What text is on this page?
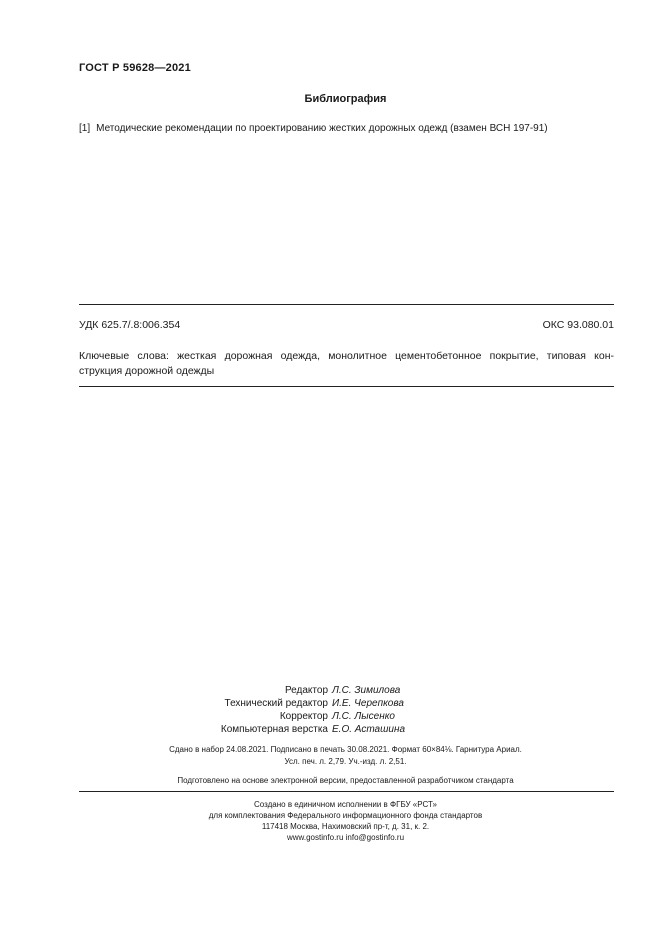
ГОСТ Р 59628—2021
Библиография
[1] Методические рекомендации по проектированию жестких дорожных одежд (взамен ВСН 197-91)
УДК 625.7/.8:006.354	ОКС 93.080.01
Ключевые слова: жесткая дорожная одежда, монолитное цементобетонное покрытие, типовая кон-
струкция дорожной одежды
Редактор Л.С. Зимилова
Технический редактор И.Е. Черепкова
Корректор Л.С. Лысенко
Компьютерная верстка Е.О. Асташина
Сдано в набор 24.08.2021. Подписано в печать 30.08.2021. Формат 60×84⅛. Гарнитура Ариал.
Усл. печ. л. 2,79. Уч.-изд. л. 2,51.
Подготовлено на основе электронной версии, предоставленной разработчиком стандарта
Создано в единичном исполнении в ФГБУ «РСТ»
для комплектования Федерального информационного фонда стандартов
117418 Москва, Нахимовский пр-т, д. 31, к. 2.
www.gostinfo.ru info@gostinfo.ru
